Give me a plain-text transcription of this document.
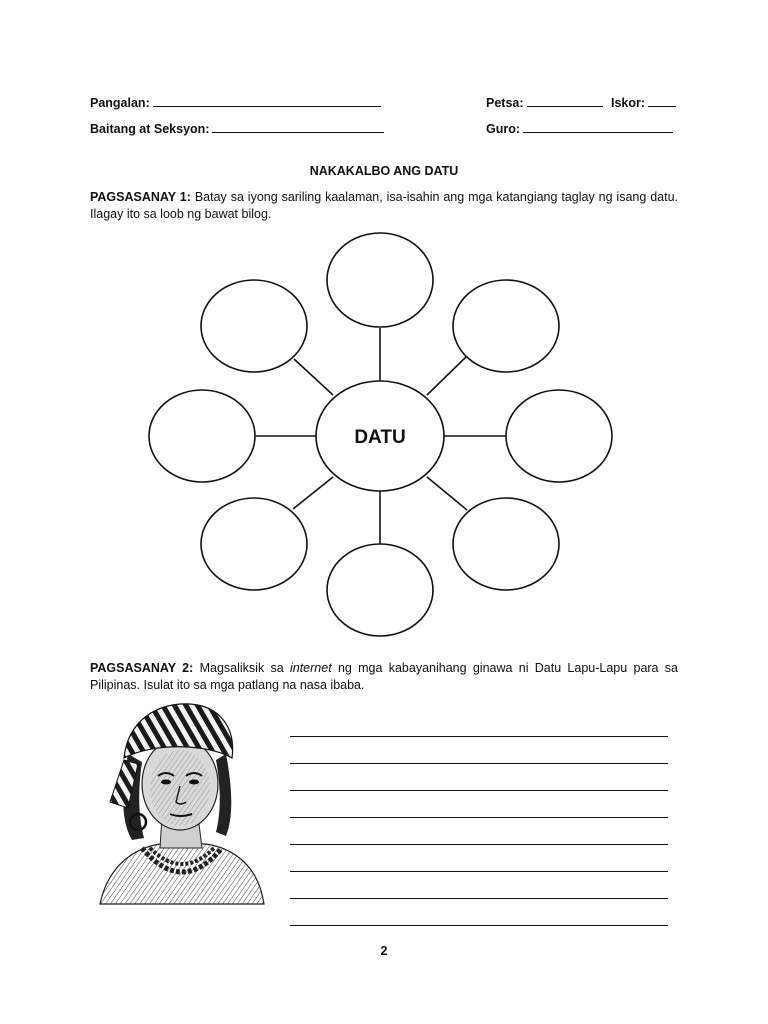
Pangalan:	Petsa:	Iskor:
Baitang at Seksyon:	Guro:
NAKAKALBO ANG DATU
PAGSASANAY 1: Batay sa iyong sariling kaalaman, isa-isahin ang mga katangiang taglay ng isang datu. Ilagay ito sa loob ng bawat bilog.
DATU
PAGSASANAY 2: Magsaliksik sa internet ng mga kabayanihang ginawa ni Datu Lapu-Lapu para sa Pilipinas. Isulat ito sa mga patlang na nasa ibaba.
2
